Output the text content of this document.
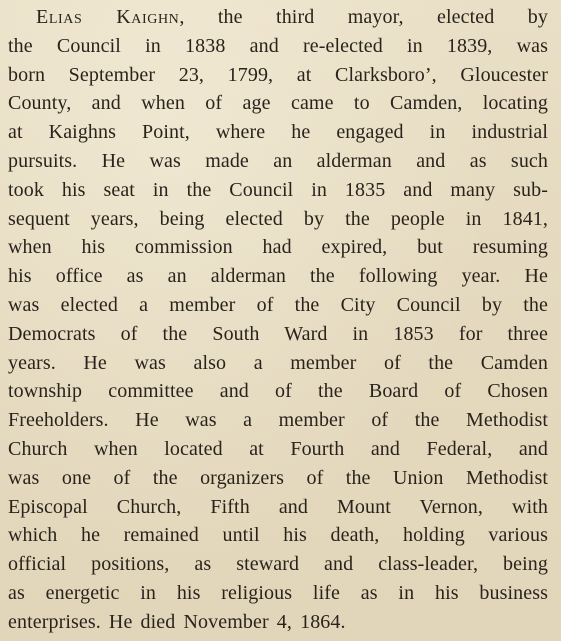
Elias Kaighn, the third mayor, elected by
the Council in 1838 and re-elected in 1839, was
born September 23, 1799, at Clarksboro’, Gloucester
County, and when of age came to Camden, locating
at Kaighns Point, where he engaged in industrial
pursuits. He was made an alderman and as such
took his seat in the Council in 1835 and many sub-
sequent years, being elected by the people in 1841,
when his commission had expired, but resuming
his office as an alderman the following year. He
was elected a member of the City Council by the
Democrats of the South Ward in 1853 for three
years. He was also a member of the Camden
township committee and of the Board of Chosen
Freeholders. He was a member of the Methodist
Church when located at Fourth and Federal, and
was one of the organizers of the Union Methodist
Episcopal Church, Fifth and Mount Vernon, with
which he remained until his death, holding various
official positions, as steward and class-leader, being
as energetic in his religious life as in his business
enterprises. He died November 4, 1864.
